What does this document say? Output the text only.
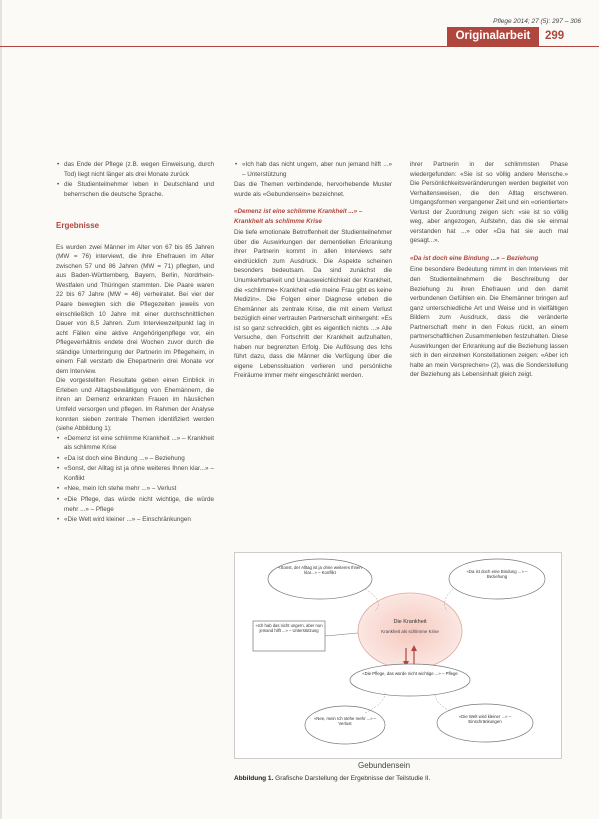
Pflege 2014; 27 (5): 297 – 306
Originalarbeit	299
• das Ende der Pflege (z.B. wegen Einweisung, durch Tod) liegt nicht länger als drei Monate zurück
• die Studienteilnehmer leben in Deutschland und beherrschen die deutsche Sprache.
Ergebnisse

Es wurden zwei Männer im Alter von 67 bis 85 Jahren (MW = 76) interviewt, die ihre Ehefrauen im Alter zwischen 57 und 86 Jahren (MW = 71) pflegten, und aus Baden-Württemberg, Bayern, Berlin, Nordrhein-Westfalen und Thüringen stammten. Die Paare waren 22 bis 67 Jahre (MW = 46) verheiratet. Bei vier der Paare bewegten sich die Pflegezeiten jeweils von einschließlich 10 Jahre mit einer durchschnittlichen Dauer von 8,5 Jahren. Zum Interviewzeitpunkt lag in acht Fällen eine aktive Angehörigenpflege vor, ein Pflegeverhältnis endete drei Wochen zuvor durch die ständige Unterbringung der Partnerin im Pflegeheim, in einem Fall verstarb die Ehepartnerin drei Monate vor dem Interview.

Die vorgestellten Resultate geben einen Einblick in Erleben und Alltagsbewältigung von Ehemännern, die ihren an Demenz erkrankten Frauen im häuslichen Umfeld versorgen und pflegen. Im Rahmen der Analyse konnten sieben zentrale Themen identifiziert werden (siehe Abbildung 1):

• «Demenz ist eine schlimme Krankheit ...» – Krankheit als schlimme Krise
• «Da ist doch eine Bindung ...» – Beziehung
• «Sonst, der Alltag ist ja ohne weiteres Ihnen klar...» – Konflikt
• «Nee, mein Ich stehe mehr ...» – Verlust
• «Die Pflege, das würde nicht wichtige, die würde mehr ...» – Pflege
• «Die Welt wird kleiner ...» – Einschränkungen
• «Ich hab das nicht ungern, aber nun jemand hilft ...» – Unterstützung

Das die Themen verbindende, hervorhebende Muster wurde als «Gebundensein» bezeichnet.

«Demenz ist eine schlimme Krankheit ...» – Krankheit als schlimme Krise

Die tiefe emotionale Betroffenheit der Studienteilnehmer über die Auswirkungen der dementiellen Erkrankung ihrer Partnerin kommt in allen Interviews sehr eindrücklich zum Ausdruck. Die Aspekte scheinen besonders bedeutsam. Da sind zunächst die Unumkehrbarkeit und Unausweichlichkeit der Krankheit, die «schlimme» Krankheit «die meine Frau gibt es keine Medizin». Die Folgen einer Diagnose erleben die Ehemänner als zentrale Krise, die mit einem Verlust bezüglich einer vertrauten Partnerschaft einhergeht: «Es ist so ganz schrecklich, gibt es eigentlich nichts ...» Alle Versuche, den Fortschritt der Krankheit aufzuhalten, haben nur begrenzten Erfolg. Die Auflösung des Ichs führt dazu, dass die Männer die Verfügung über die eigene Lebenssituation verlieren und persönliche Freiräume immer mehr eingeschränkt werden.

ihrer Partnerin in der schlimmsten Phase wiedergefunden: «Sie ist so völlig andere Mensche.» Die Persönlichkeitsveränderungen werden begleitet von Verhaltensweisen, die den Alltag erschweren. Umgangsformen vergangener Zeit und ein «orientierter» Verlust der Zuordnung zeigen sich: «sie ist so völlig weg, aber angezogen, Aufstehn, das die sie einmal verstanden hat ...» oder «Da hat sie auch mal gesagt...».

«Da ist doch eine Bindung ...» – Beziehung

Eine besondere Bedeutung nimmt in den Interviews mit den Studienteilnehmern die Beschreibung der Beziehung zu ihren Ehefrauen und den damit verbundenen Gefühlen ein. Die Ehemänner bringen auf ganz unterschiedliche Art und Weise und in vielfältigen Bildern zum Ausdruck, dass die veränderte Partnerschaft mehr in den Fokus rückt, an einem partnerschaftlichen Zusammenleben festzuhalten. Diese Auswirkungen der Erkrankung auf die Beziehung lassen sich in den einzelnen Konstellationen zeigen: «Aber ich halte an mein Versprechen» (2), was die Sonderstellung der Beziehung als Lebensinhalt gleich zeigt.

Die Krankheit
Krankheit als schlimme Krise
«Sonst, der Alltag ist ja ohne weiteres Ihnen klar...» – Konflikt	«Da ist doch eine Bindung ...» – Beziehung
«Ich hab das nicht ungern, aber nun jemand hilft ...» – Unterstützung
«Die Pflege, das würde nicht wichtige ...» – Pflege
«Nee, mein Ich stehe mehr ...» – Verlust
«Die Welt wird kleiner ...» – Einschränkungen
Gebundensein
Abbildung 1. Grafische Darstellung der Ergebnisse der Teilstudie II.
